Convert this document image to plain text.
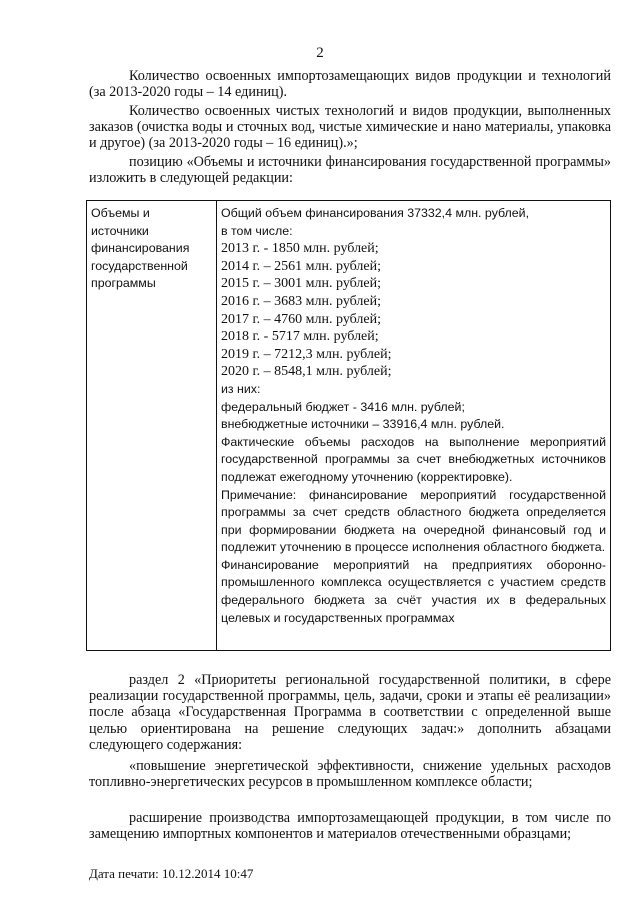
2

Количество освоенных импортозамещающих видов продукции и технологий (за 2013-2020 годы – 14 единиц).

Количество освоенных чистых технологий и видов продукции, выполненных заказов (очистка воды и сточных вод, чистые химические и нано материалы, упаковка и другое) (за 2013-2020 годы – 16 единиц).»;

позицию «Объемы и источники финансирования государственной программы» изложить в следующей редакции:

Объемы и
источники
финансирования
государственной
программы

Общий объем финансирования 37332,4 млн. рублей,

в том числе:

2013 г. - 1850 млн. рублей;

2014 г. – 2561 млн. рублей;

2015 г. – 3001 млн. рублей;

2016 г. – 3683 млн. рублей;

2017 г. – 4760 млн. рублей;

2018 г. - 5717 млн. рублей;

2019 г. – 7212,3 млн. рублей;

2020 г. – 8548,1 млн. рублей;

из них:

федеральный бюджет - 3416 млн. рублей;

внебюджетные источники – 33916,4 млн. рублей.

Фактические объемы расходов на выполнение мероприятий государственной программы за счет внебюджетных источников подлежат ежегодному уточнению (корректировке).

Примечание: финансирование мероприятий государственной программы за счет средств областного бюджета определяется при формировании бюджета на очередной финансовый год и подлежит уточнению в процессе исполнения областного бюджета.

Финансирование мероприятий на предприятиях оборонно-промышленного комплекса осуществляется с участием средств федерального бюджета за счёт участия их в федеральных целевых и государственных программах

раздел 2 «Приоритеты региональной государственной политики, в сфере реализации государственной программы, цель, задачи, сроки и этапы её реализации» после абзаца «Государственная Программа в соответствии с определенной выше целью ориентирована на решение следующих задач:» дополнить абзацами следующего содержания:

«повышение энергетической эффективности, снижение удельных расходов топливно-энергетических ресурсов в промышленном комплексе области;

расширение производства импортозамещающей продукции, в том числе по замещению импортных компонентов и материалов отечественными образцами;

Дата печати: 10.12.2014 10:47
